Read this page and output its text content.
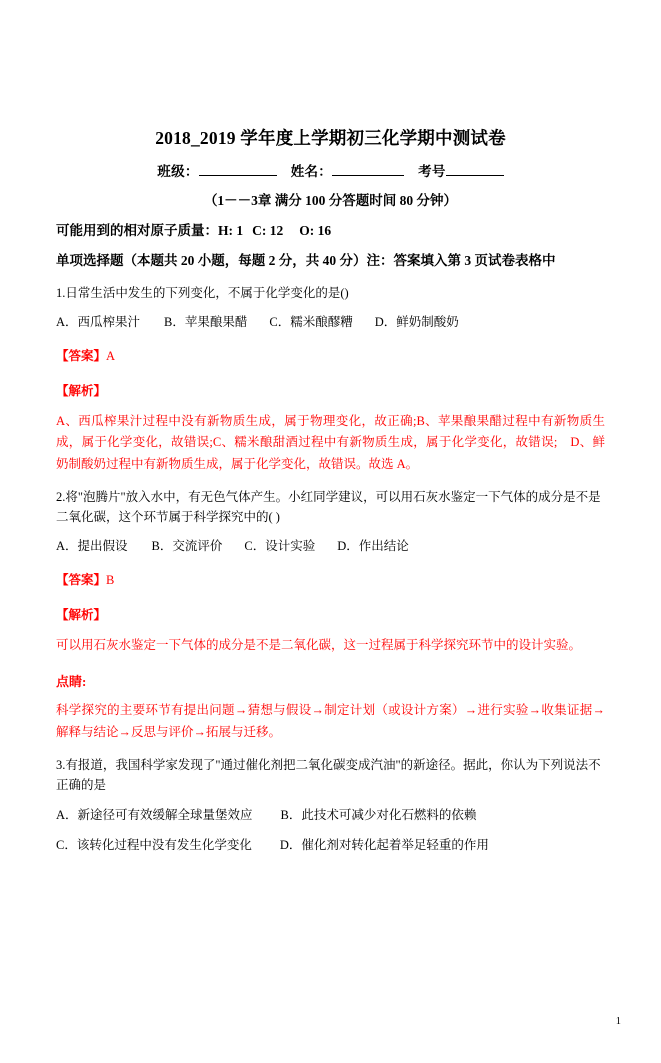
2018_2019 学年度上学期初三化学期中测试卷
班级：	姓名：	考号
（1－－3章 满分 100 分答题时间 80 分钟）
可能用到的相对原子质量：H: 1 C: 12 O: 16
单项选择题（本题共 20 小题，每题 2 分，共 40 分）注：答案填入第 3 页试卷表格中
1.日常生活中发生的下列变化，不属于化学变化的是()
A．西瓜榨果汁 B．苹果酿果醋 C．糯米酿醪糟 D．鲜奶制酸奶
【答案】A
【解析】
A、西瓜榨果汁过程中没有新物质生成，属于物理变化，故正确;B、苹果酿果醋过程中有新物质生成，属于化学变化，故错误;C、糯米酿甜酒过程中有新物质生成，属于化学变化，故错误;　D、鲜奶制酸奶过程中有新物质生成，属于化学变化，故错误。故选 A。
2.将"泡腾片"放入水中，有无色气体产生。小红同学建议，可以用石灰水鉴定一下气体的成分是不是二氧化碳，这个环节属于科学探究中的( )
A．提出假设 B．交流评价 C．设计实验 D．作出结论
【答案】B
【解析】
可以用石灰水鉴定一下气体的成分是不是二氧化碳，这一过程属于科学探究环节中的设计实验。
点睛:
科学探究的主要环节有提出问题→猜想与假设→制定计划（或设计方案）→进行实验→收集证据→解释与结论→反思与评价→拓展与迁移。
3.有报道，我国科学家发现了"通过催化剂把二氧化碳变成汽油"的新途径。据此，你认为下列说法不正确的是
A．新途径可有效缓解全球量堡效应 B．此技术可减少对化石燃料的依赖
C．该转化过程中没有发生化学变化 D．催化剂对转化起着举足轻重的作用
1
